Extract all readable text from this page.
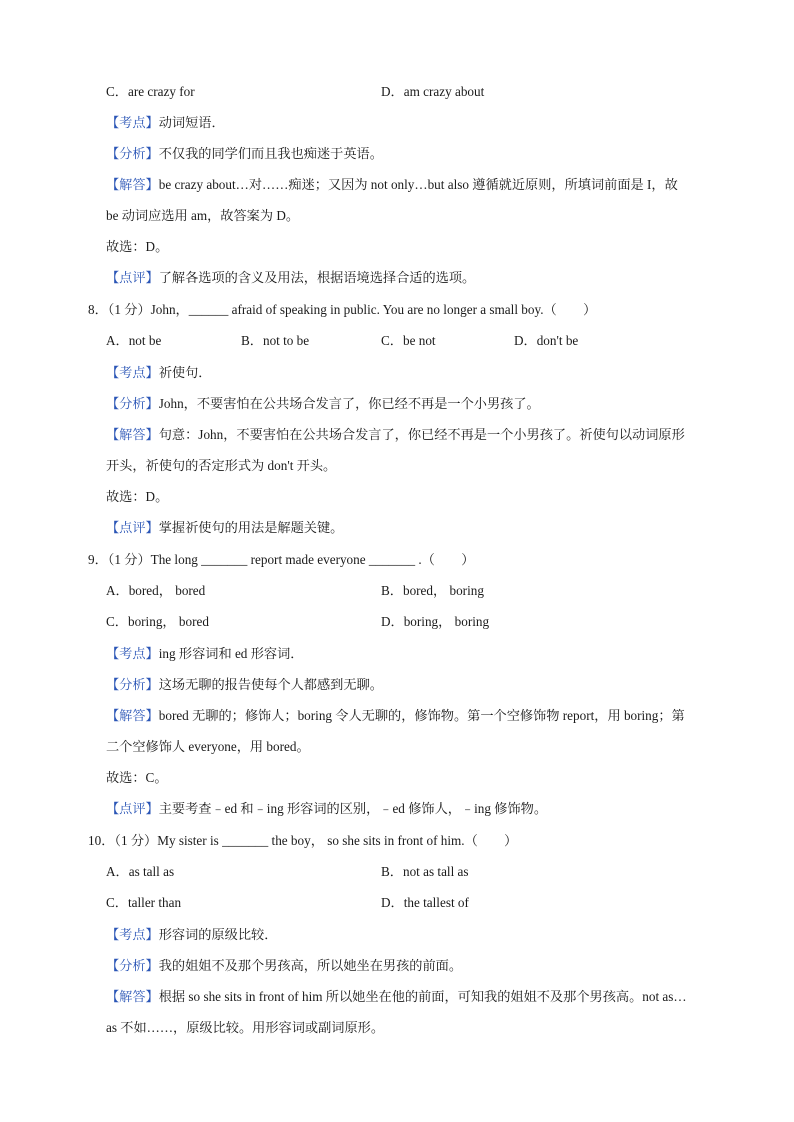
C．are crazy for	D．am crazy about
【考点】动词短语．
【分析】不仅我的同学们而且我也痴迷于英语。
【解答】be crazy about…对……痴迷；又因为 not only…but also 遵循就近原则，所填词前面是 I，故
be 动词应选用 am，故答案为 D。
故选：D。
【点评】了解各选项的含义及用法，根据语境选择合适的选项。
8．（1 分）John，______ afraid of speaking in public. You are no longer a small boy.（　　）
A．not be	B．not to be	C．be not	D．don't be
【考点】祈使句．
【分析】John，不要害怕在公共场合发言了，你已经不再是一个小男孩了。
【解答】句意：John，不要害怕在公共场合发言了，你已经不再是一个小男孩了。祈使句以动词原形
开头，祈使句的否定形式为 don't 开头。
故选：D。
【点评】掌握祈使句的用法是解题关键。
9．（1 分）The long _______ report made everyone _______ .（　　）
A．bored， bored	B．bored， boring
C．boring， bored	D．boring， boring
【考点】ing 形容词和 ed 形容词．
【分析】这场无聊的报告使每个人都感到无聊。
【解答】bored 无聊的；修饰人；boring 令人无聊的，修饰物。第一个空修饰物 report，用 boring；第
二个空修饰人 everyone，用 bored。
故选：C。
【点评】主要考查﹣ed 和﹣ing 形容词的区别，﹣ed 修饰人，﹣ing 修饰物。
10．（1 分）My sister is _______ the boy， so she sits in front of him.（　　）
A．as tall as	B．not as tall as
C．taller than	D．the tallest of
【考点】形容词的原级比较．
【分析】我的姐姐不及那个男孩高，所以她坐在男孩的前面。
【解答】根据 so she sits in front of him 所以她坐在他的前面，可知我的姐姐不及那个男孩高。not as…
as 不如……，原级比较。用形容词或副词原形。
